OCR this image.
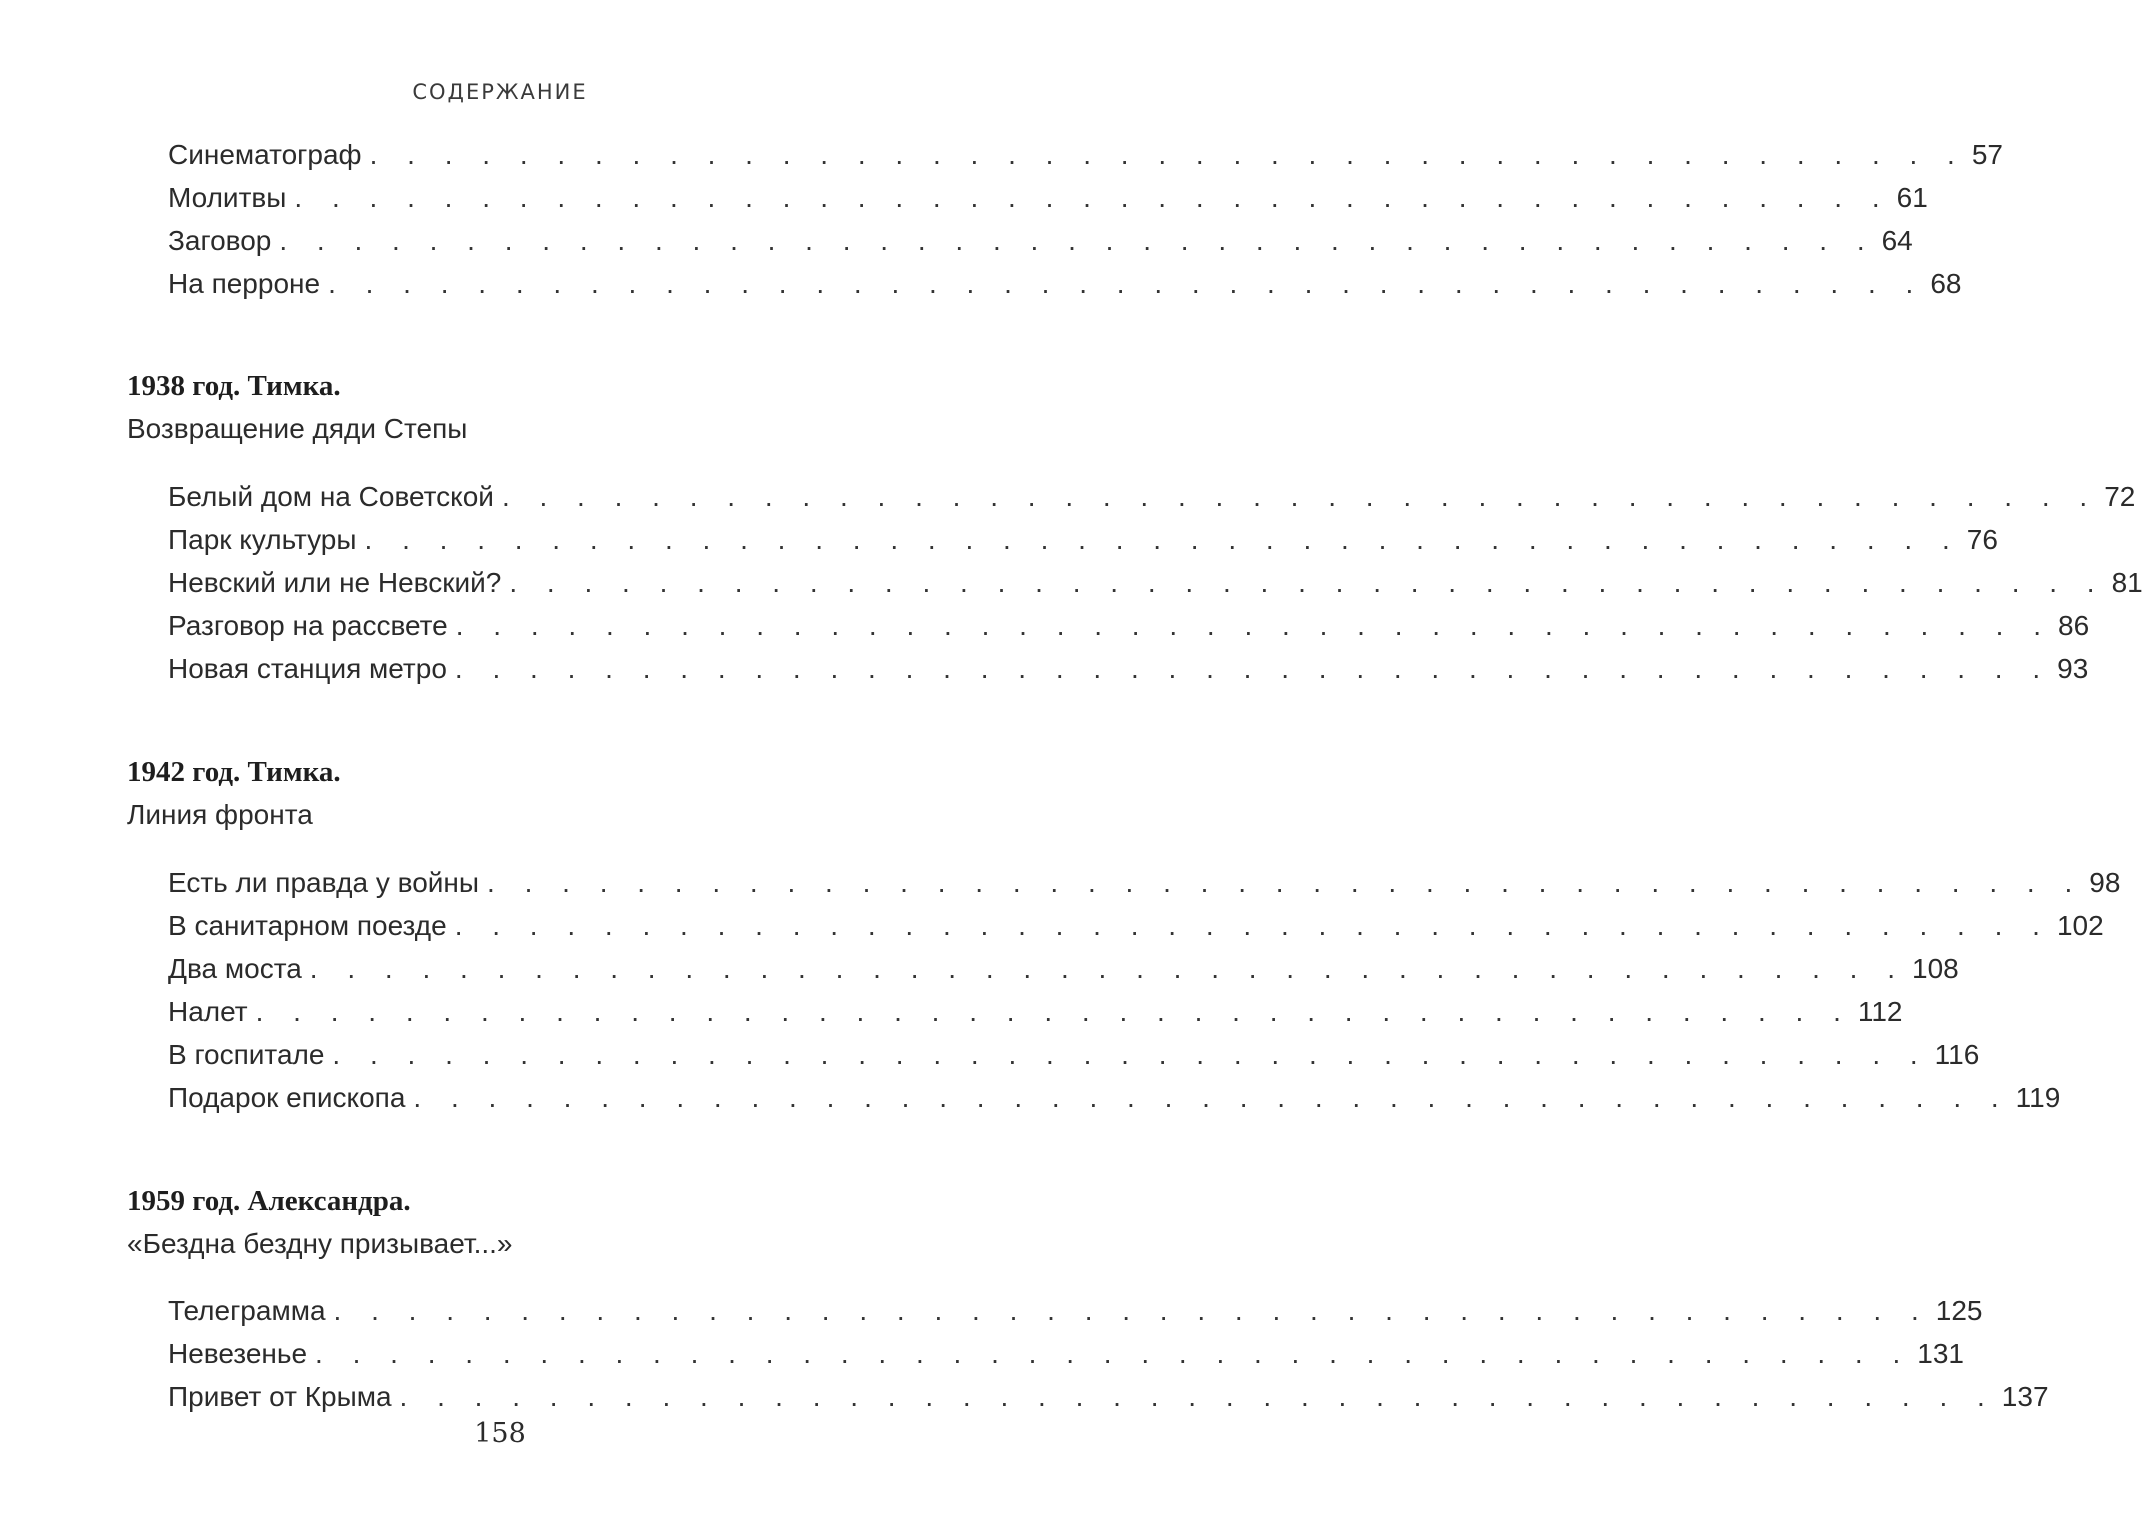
СОДЕРЖАНИЕ
Синематограф . . . . . . . . . . . . . . . . . . . . . . . . . . . . . . . . . . . . . . . . . . . 57
Молитвы . . . . . . . . . . . . . . . . . . . . . . . . . . . . . . . . . . . . . . . . . . . 61
Заговор . . . . . . . . . . . . . . . . . . . . . . . . . . . . . . . . . . . . . . . . . . . 64
На перроне . . . . . . . . . . . . . . . . . . . . . . . . . . . . . . . . . . . . . . . . . . . 68
1938 год. Тимка.
Возвращение дяди Степы
Белый дом на Советской . . . . . . . . . . . . . . . . . . . . . . . . . . . . . . . . . . . . . . . . . . . 72
Парк культуры . . . . . . . . . . . . . . . . . . . . . . . . . . . . . . . . . . . . . . . . . . . 76
Невский или не Невский? . . . . . . . . . . . . . . . . . . . . . . . . . . . . . . . . . . . . . . . . . . . 81
Разговор на рассвете . . . . . . . . . . . . . . . . . . . . . . . . . . . . . . . . . . . . . . . . . . . 86
Новая станция метро . . . . . . . . . . . . . . . . . . . . . . . . . . . . . . . . . . . . . . . . . . . 93
1942 год. Тимка.
Линия фронта
Есть ли правда у войны . . . . . . . . . . . . . . . . . . . . . . . . . . . . . . . . . . . . . . . . . . . 98
В санитарном поезде . . . . . . . . . . . . . . . . . . . . . . . . . . . . . . . . . . . . . . . . . . . 102
Два моста . . . . . . . . . . . . . . . . . . . . . . . . . . . . . . . . . . . . . . . . . . . 108
Налет . . . . . . . . . . . . . . . . . . . . . . . . . . . . . . . . . . . . . . . . . . . 112
В госпитале . . . . . . . . . . . . . . . . . . . . . . . . . . . . . . . . . . . . . . . . . . . 116
Подарок епископа . . . . . . . . . . . . . . . . . . . . . . . . . . . . . . . . . . . . . . . . . . . 119
1959 год. Александра.
«Бездна бездну призывает...»
Телеграмма . . . . . . . . . . . . . . . . . . . . . . . . . . . . . . . . . . . . . . . . . . . 125
Невезенье . . . . . . . . . . . . . . . . . . . . . . . . . . . . . . . . . . . . . . . . . . . 131
Привет от Крыма . . . . . . . . . . . . . . . . . . . . . . . . . . . . . . . . . . . . . . . . . . . 137
158
